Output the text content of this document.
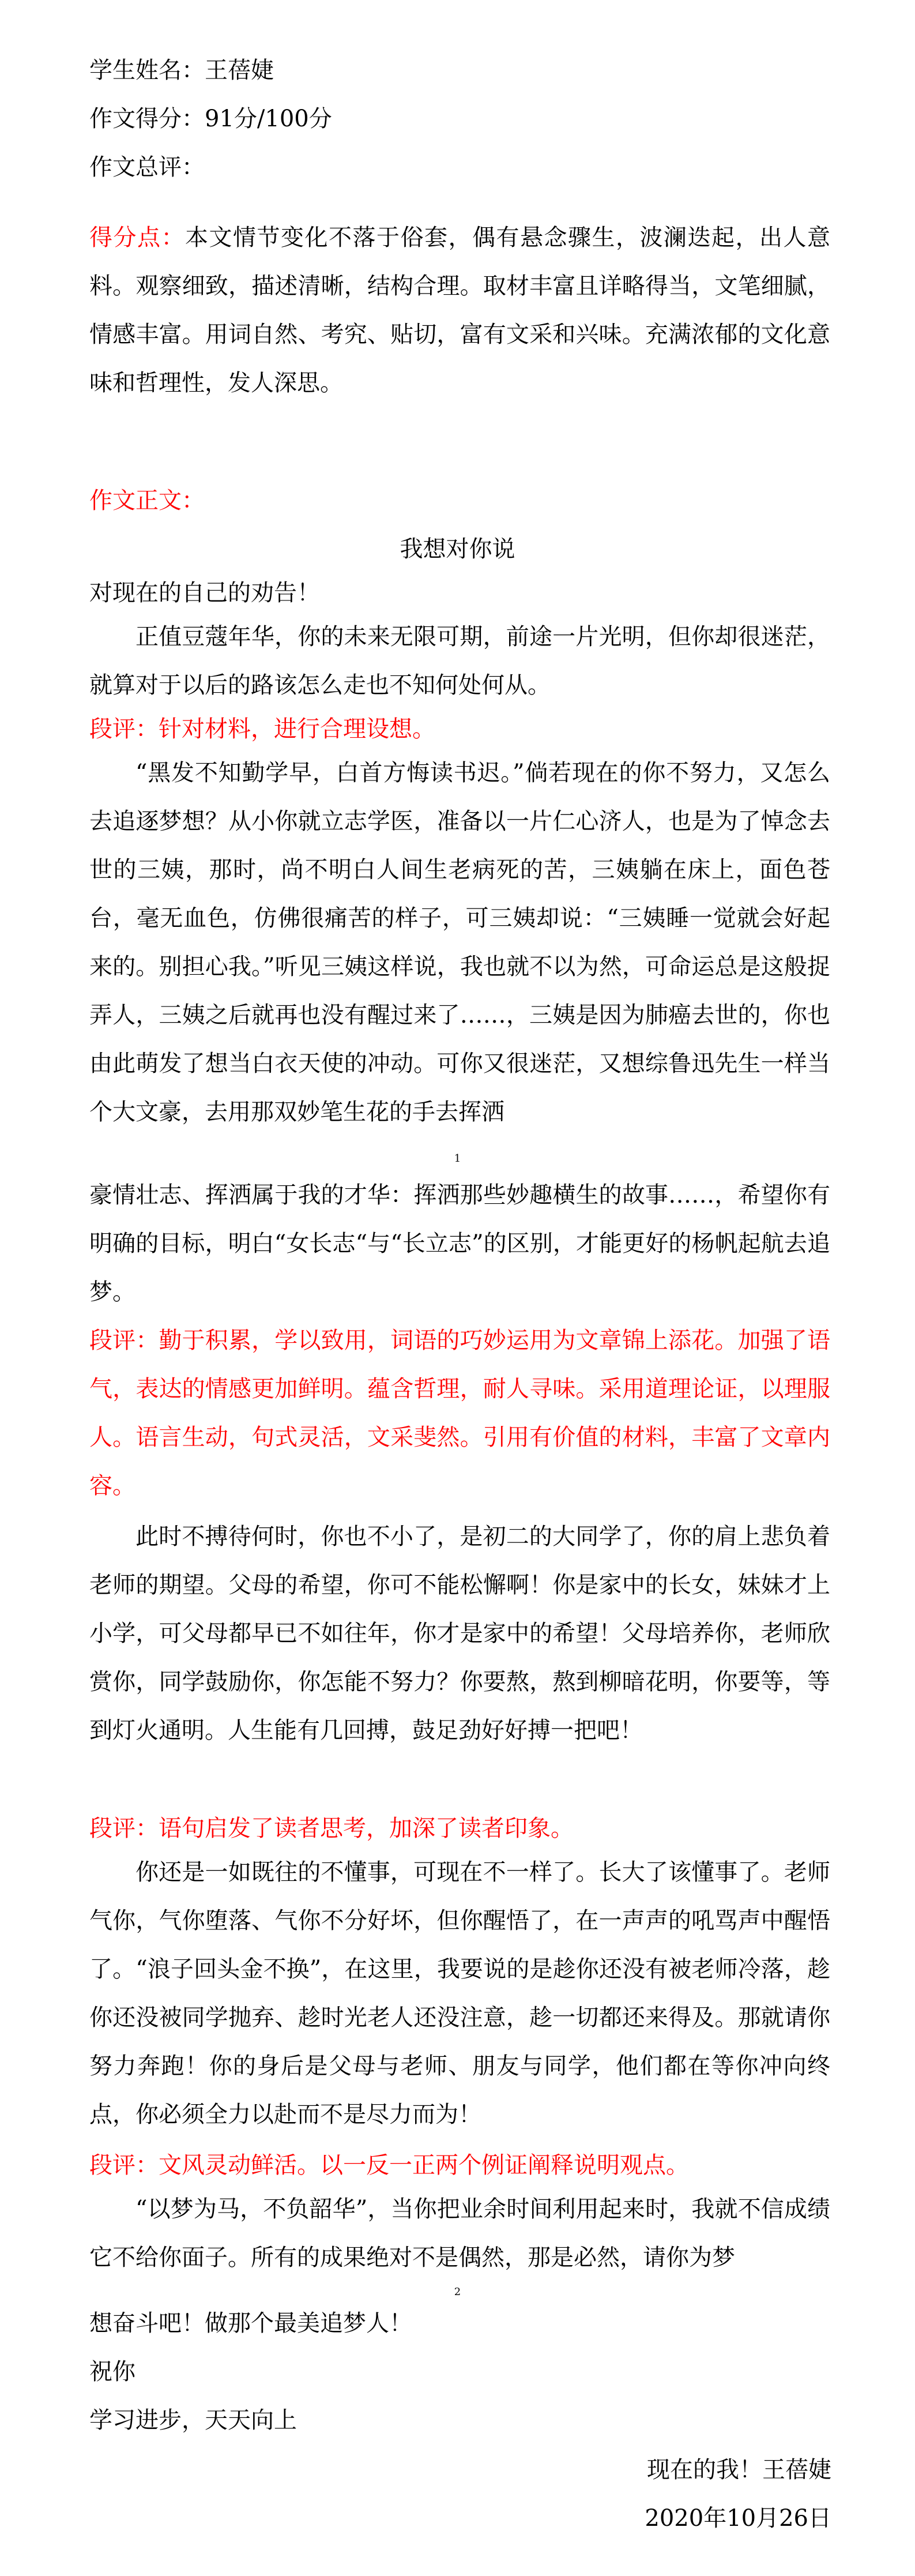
学生姓名：王蓓婕

作文得分：91分/100分

作文总评：

得分点：本文情节变化不落于俗套，偶有悬念骤生，波澜迭起，出人意料。观察细致，描述清晰，结构合理。取材丰富且详略得当，文笔细腻，情感丰富。用词自然、考究、贴切，富有文采和兴味。充满浓郁的文化意味和哲理性，发人深思。

作文正文：

我想对你说

对现在的自己的劝告！

正值豆蔻年华，你的未来无限可期，前途一片光明，但你却很迷茫，就算对于以后的路该怎么走也不知何处何从。

段评：针对材料，进行合理设想。

“黑发不知勤学早，白首方悔读书迟。”倘若现在的你不努力，又怎么去追逐梦想？从小你就立志学医，准备以一片仁心济人，也是为了悼念去世的三姨，那时，尚不明白人间生老病死的苦，三姨躺在床上，面色苍台，毫无血色，仿佛很痛苦的样子，可三姨却说：“三姨睡一觉就会好起来的。别担心我。”听见三姨这样说，我也就不以为然，可命运总是这般捉弄人，三姨之后就再也没有醒过来了……，三姨是因为肺癌去世的，你也由此萌发了想当白衣天使的冲动。可你又很迷茫，又想综鲁迅先生一样当个大文豪，去用那双妙笔生花的手去挥洒

1

豪情壮志、挥洒属于我的才华：挥洒那些妙趣横生的故事……，希望你有明确的目标，明白“女长志“与“长立志”的区别，才能更好的杨帆起航去追梦。

段评：勤于积累，学以致用，词语的巧妙运用为文章锦上添花。加强了语气，表达的情感更加鲜明。蕴含哲理，耐人寻味。采用道理论证，以理服人。语言生动，句式灵活，文采斐然。引用有价值的材料，丰富了文章内容。

此时不搏待何时，你也不小了，是初二的大同学了，你的肩上悲负着老师的期望。父母的希望，你可不能松懈啊！你是家中的长女，妹妹才上小学，可父母都早已不如往年，你才是家中的希望！父母培养你，老师欣赏你，同学鼓励你，你怎能不努力？你要熬，熬到柳暗花明，你要等，等到灯火通明。人生能有几回搏，鼓足劲好好搏一把吧！

段评：语句启发了读者思考，加深了读者印象。

你还是一如既往的不懂事，可现在不一样了。长大了该懂事了。老师气你，气你堕落、气你不分好坏，但你醒悟了，在一声声的吼骂声中醒悟了。“浪子回头金不换”，在这里，我要说的是趁你还没有被老师冷落，趁你还没被同学抛弃、趁时光老人还没注意，趁一切都还来得及。那就请你努力奔跑！你的身后是父母与老师、朋友与同学，他们都在等你冲向终点，你必须全力以赴而不是尽力而为！

段评：文风灵动鲜活。以一反一正两个例证阐释说明观点。

“以梦为马，不负韶华”，当你把业余时间利用起来时，我就不信成绩它不给你面子。所有的成果绝对不是偶然，那是必然，请你为梦

2

想奋斗吧！做那个最美追梦人！

祝你

学习进步，天天向上

现在的我！王蓓婕

2020年10月26日
